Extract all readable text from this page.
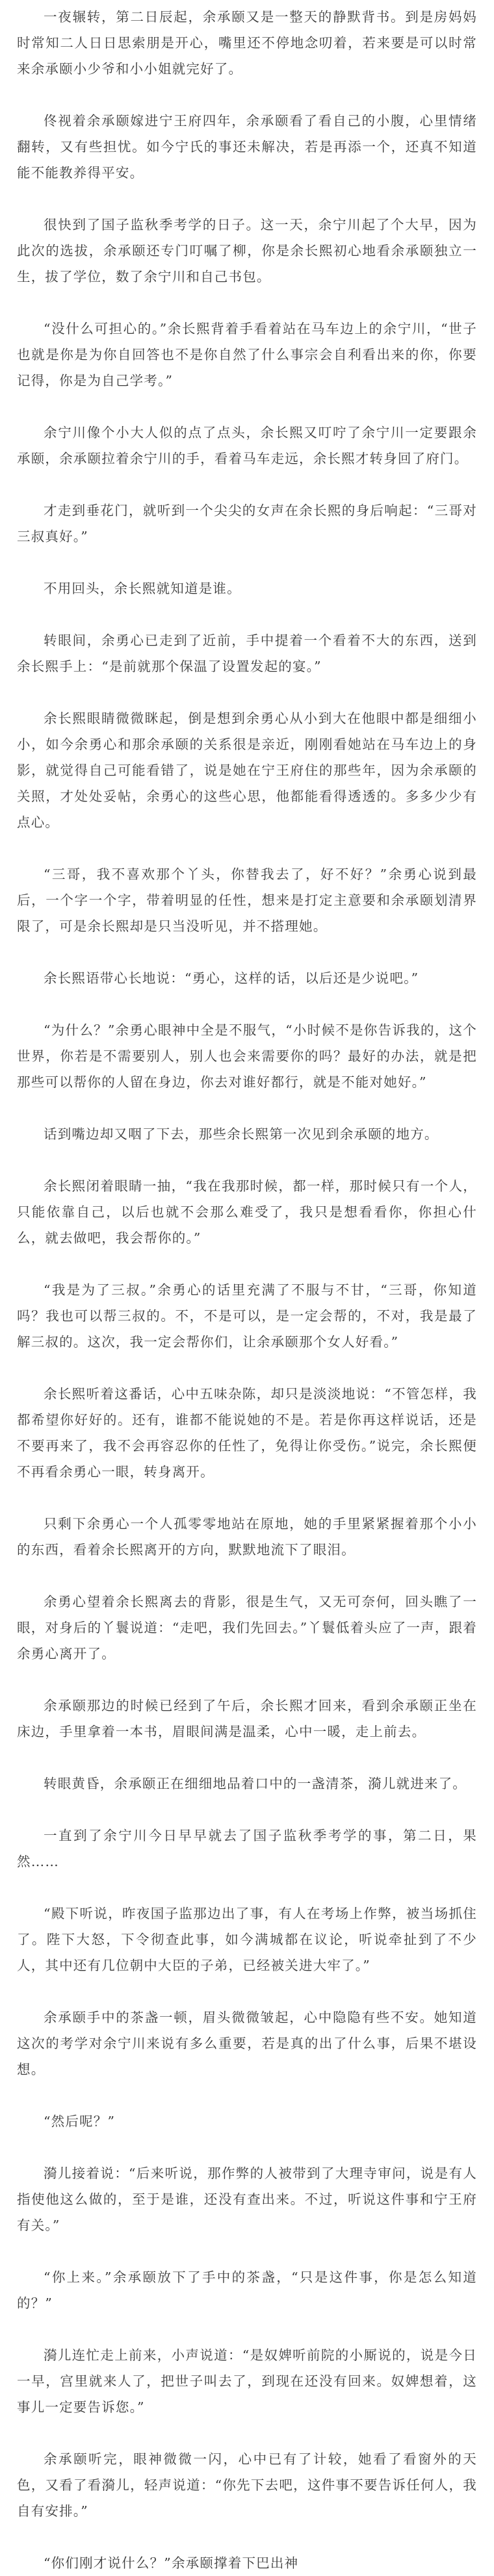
一夜辗转，第二日辰起，余承颐又是一整天的静默背书。到是房妈妈时常知二人日日思索朋是开心，嘴里还不停地念叨着，若来要是可以时常来余承颐小少爷和小小姐就完好了。

佟视着余承颐嫁进宁王府四年，余承颐看了看自己的小腹，心里情绪翻转，又有些担忧。如今宁氏的事还未解决，若是再添一个，还真不知道能不能教养得平安。

很快到了国子监秋季考学的日子。这一天，余宁川起了个大早，因为此次的选拔，余承颐还专门叮嘱了柳，你是余长熙初心地看余承颐独立一生，拔了学位，数了余宁川和自己书包。

“没什么可担心的。”余长熙背着手看着站在马车边上的余宁川，“世子也就是你是为你自回答也不是你自然了什么事宗会自利看出来的你，你要记得，你是为自己学考。”

余宁川像个小大人似的点了点头，余长熙又叮咛了余宁川一定要跟余承颐，余承颐拉着余宁川的手，看着马车走远，余长熙才转身回了府门。

才走到垂花门，就听到一个尖尖的女声在余长熙的身后响起：“三哥对三叔真好。”

不用回头，余长熙就知道是谁。

转眼间，余勇心已走到了近前，手中提着一个看着不大的东西，送到余长熙手上：“是前就那个保温了设置发起的宴。”

余长熙眼睛微微眯起，倒是想到余勇心从小到大在他眼中都是细细小小，如今余勇心和那余承颐的关系很是亲近，刚刚看她站在马车边上的身影，就觉得自己可能看错了，说是她在宁王府住的那些年，因为余承颐的关照，才处处妥帖，余勇心的这些心思，他都能看得透透的。多多少少有点心。

“三哥，我不喜欢那个丫头，你替我去了，好不好？”余勇心说到最后，一个字一个字，带着明显的任性，想来是打定主意要和余承颐划清界限了，可是余长熙却是只当没听见，并不搭理她。

余长熙语带心长地说：“勇心，这样的话，以后还是少说吧。”

“为什么？”余勇心眼神中全是不服气，“小时候不是你告诉我的，这个世界，你若是不需要别人，别人也会来需要你的吗？最好的办法，就是把那些可以帮你的人留在身边，你去对谁好都行，就是不能对她好。”

话到嘴边却又咽了下去，那些余长熙第一次见到余承颐的地方。

余长熙闭着眼睛一抽，“我在我那时候，都一样，那时候只有一个人，只能依靠自己，以后也就不会那么难受了，我只是想看看你，你担心什么，就去做吧，我会帮你的。”

“我是为了三叔。”余勇心的话里充满了不服与不甘，“三哥，你知道吗？我也可以帮三叔的。不，不是可以，是一定会帮的，不对，我是最了解三叔的。这次，我一定会帮你们，让余承颐那个女人好看。”

余长熙听着这番话，心中五味杂陈，却只是淡淡地说：“不管怎样，我都希望你好好的。还有，谁都不能说她的不是。若是你再这样说话，还是不要再来了，我不会再容忍你的任性了，免得让你受伤。”说完，余长熙便不再看余勇心一眼，转身离开。

只剩下余勇心一个人孤零零地站在原地，她的手里紧紧握着那个小小的东西，看着余长熙离开的方向，默默地流下了眼泪。

余勇心望着余长熙离去的背影，很是生气，又无可奈何，回头瞧了一眼，对身后的丫鬟说道：“走吧，我们先回去。”丫鬟低着头应了一声，跟着余勇心离开了。

余承颐那边的时候已经到了午后，余长熙才回来，看到余承颐正坐在床边，手里拿着一本书，眉眼间满是温柔，心中一暖，走上前去。

转眼黄昏，余承颐正在细细地品着口中的一盏清茶，漪儿就进来了。

一直到了余宁川今日早早就去了国子监秋季考学的事，第二日，果然……

“殿下听说，昨夜国子监那边出了事，有人在考场上作弊，被当场抓住了。陛下大怒，下令彻查此事，如今满城都在议论，听说牵扯到了不少人，其中还有几位朝中大臣的子弟，已经被关进大牢了。”

余承颐手中的茶盏一顿，眉头微微皱起，心中隐隐有些不安。她知道这次的考学对余宁川来说有多么重要，若是真的出了什么事，后果不堪设想。

“然后呢？”

漪儿接着说：“后来听说，那作弊的人被带到了大理寺审问，说是有人指使他这么做的，至于是谁，还没有查出来。不过，听说这件事和宁王府有关。”

“你上来。”余承颐放下了手中的茶盏，“只是这件事，你是怎么知道的？”

漪儿连忙走上前来，小声说道：“是奴婢听前院的小厮说的，说是今日一早，宫里就来人了，把世子叫去了，到现在还没有回来。奴婢想着，这事儿一定要告诉您。”

余承颐听完，眼神微微一闪，心中已有了计较，她看了看窗外的天色，又看了看漪儿，轻声说道：“你先下去吧，这件事不要告诉任何人，我自有安排。”

“你们刚才说什么？”余承颐撑着下巴出神
